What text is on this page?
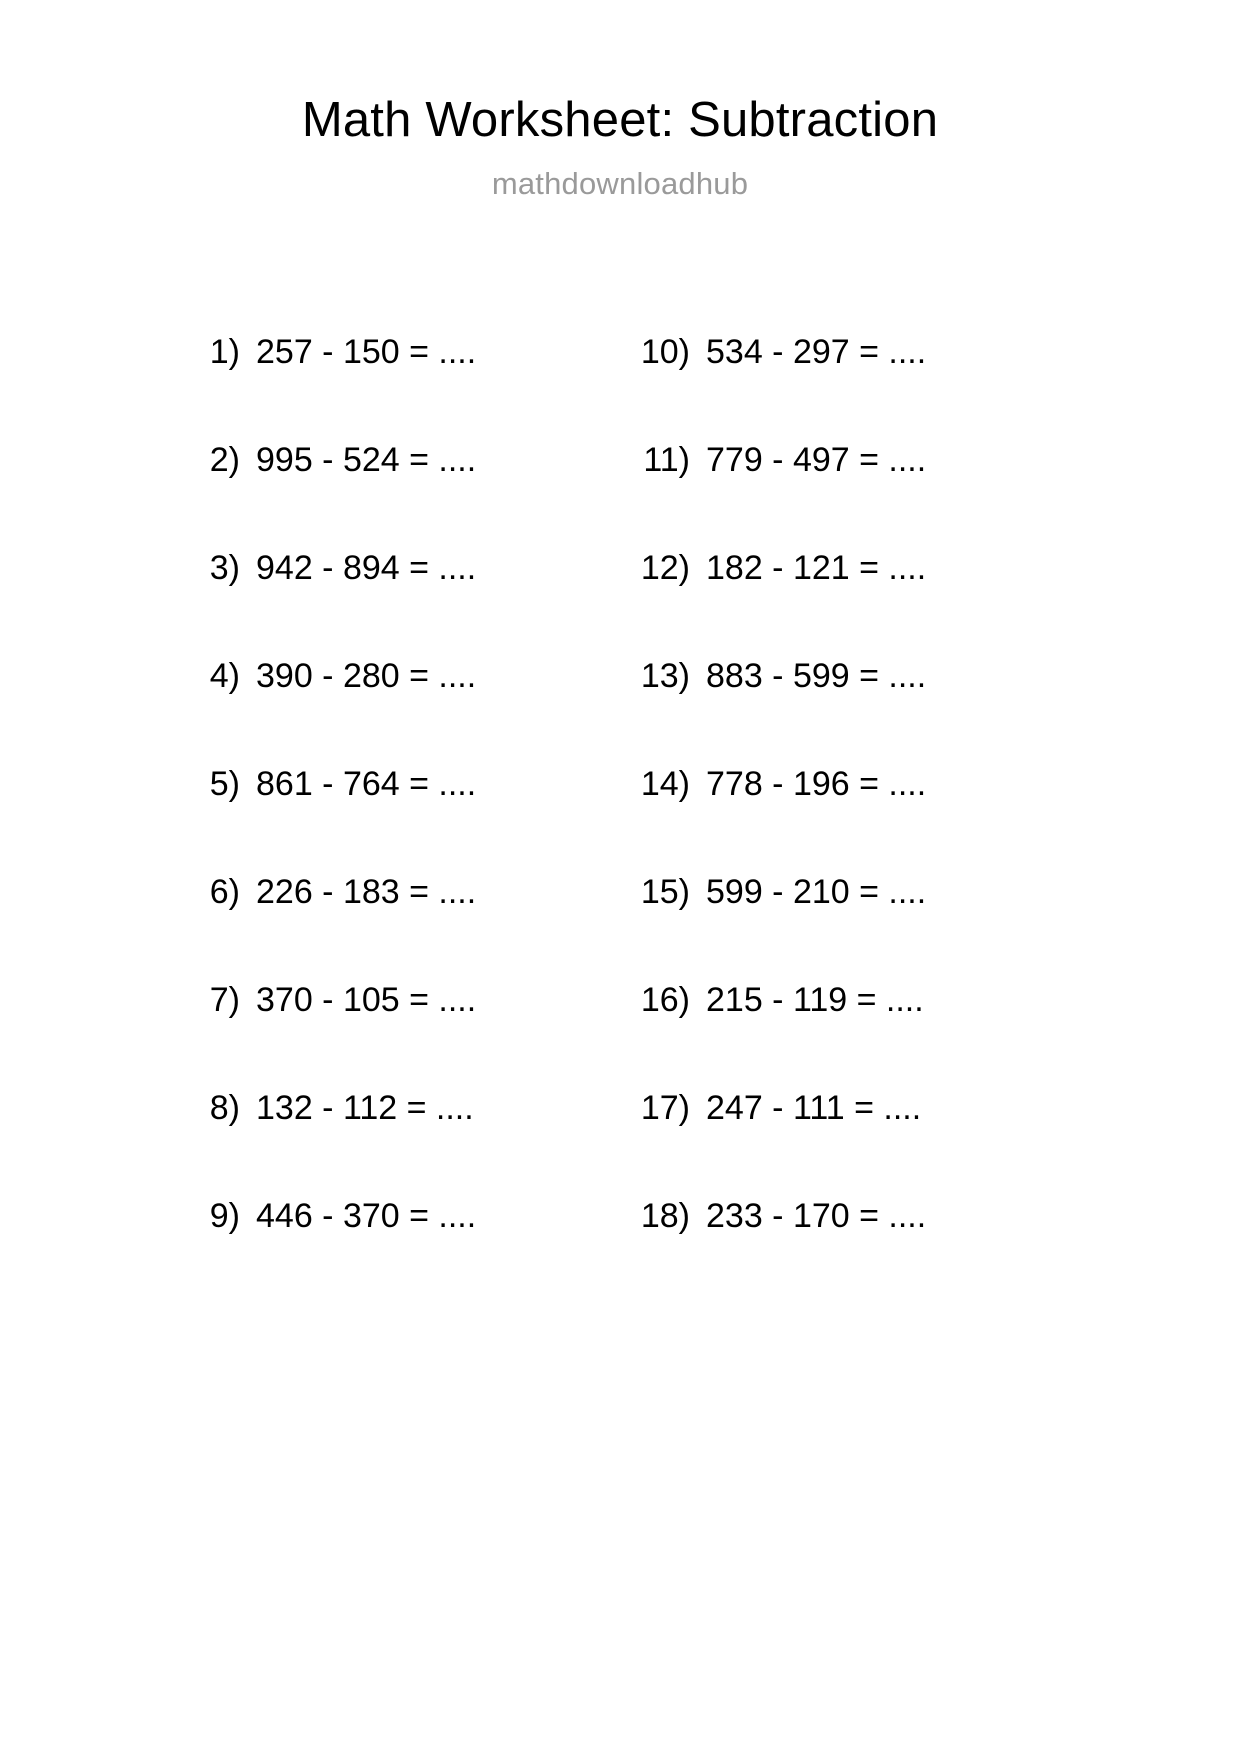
Math Worksheet: Subtraction
mathdownloadhub
1) 257 - 150 = ....
2) 995 - 524 = ....
3) 942 - 894 = ....
4) 390 - 280 = ....
5) 861 - 764 = ....
6) 226 - 183 = ....
7) 370 - 105 = ....
8) 132 - 112 = ....
9) 446 - 370 = ....
10) 534 - 297 = ....
11) 779 - 497 = ....
12) 182 - 121 = ....
13) 883 - 599 = ....
14) 778 - 196 = ....
15) 599 - 210 = ....
16) 215 - 119 = ....
17) 247 - 111 = ....
18) 233 - 170 = ....
